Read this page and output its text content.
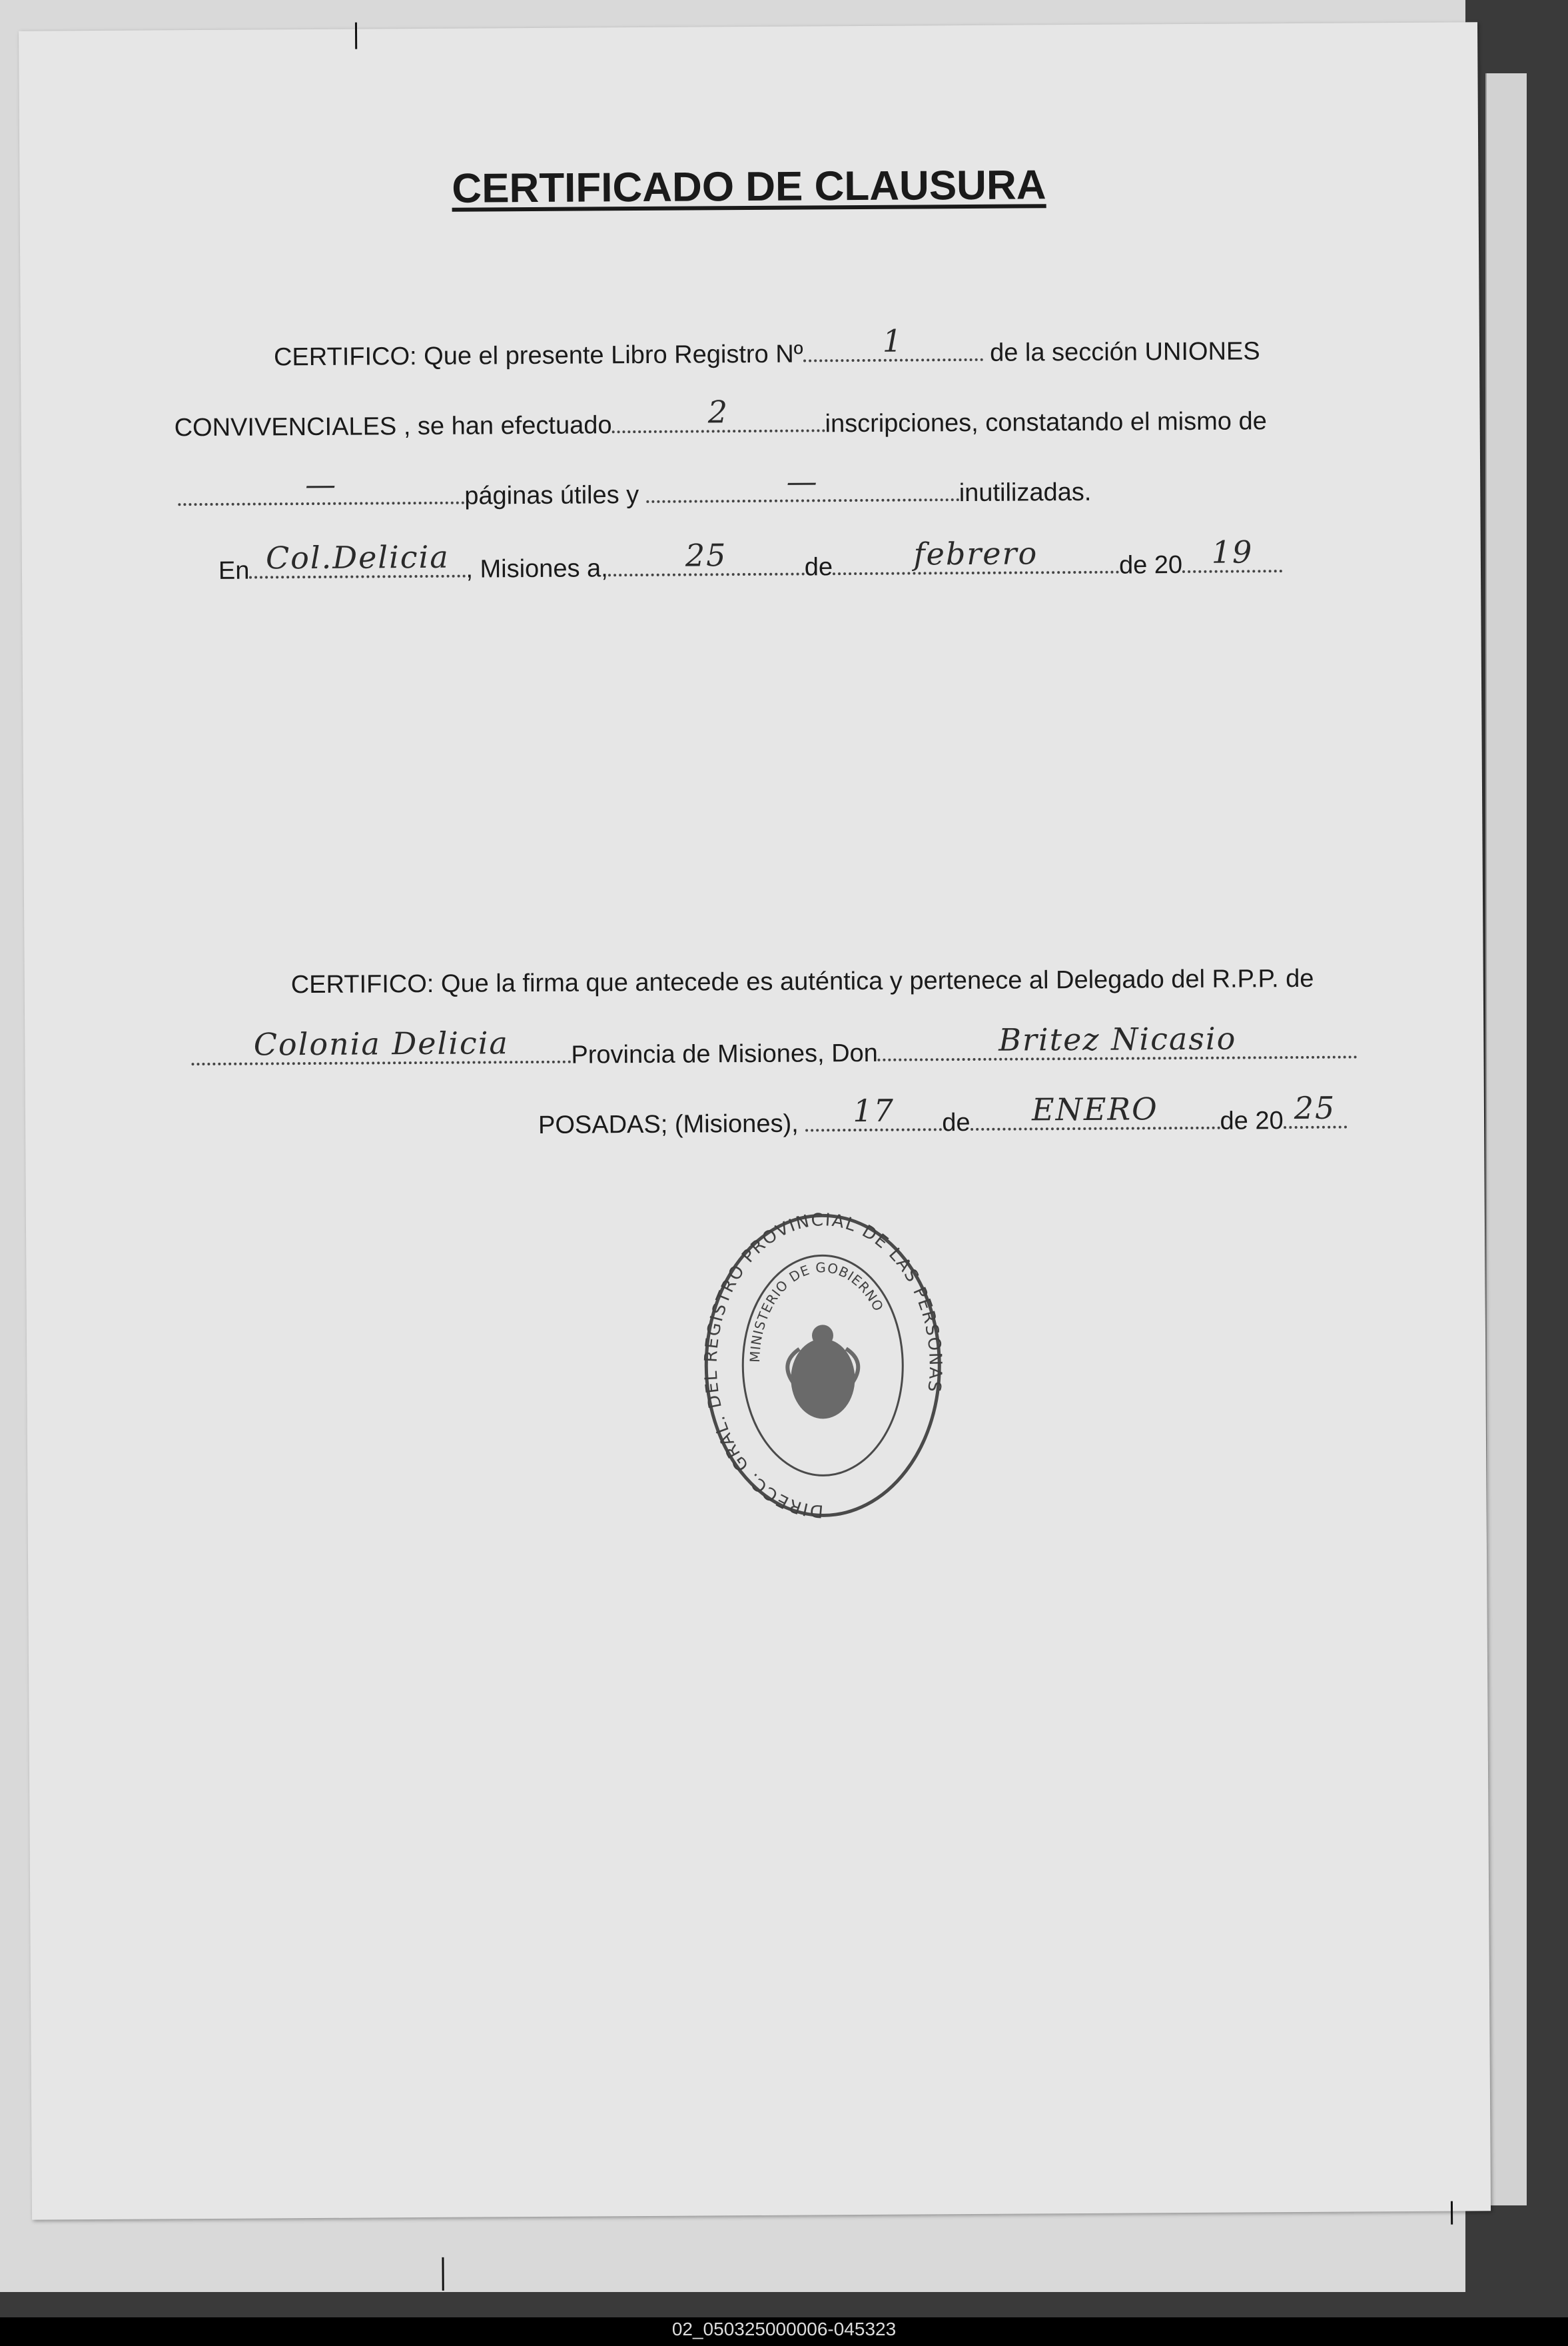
CERTIFICADO DE CLAUSURA
CERTIFICO: Que el presente Libro Registro Nº	1	de la sección UNIONES
CONVIVENCIALES , se han efectuado	2	inscripciones, constatando el mismo de
—	páginas útiles y	—	inutilizadas.
En Col.Delicia , Misiones a,	25	de	febrero	de 20 19
CERTIFICO: Que la firma que antecede es auténtica y pertenece al Delegado del R.P.P. de
Colonia Delicia	Provincia de Misiones, Don	Britez Nicasio
POSADAS; (Misiones),	17	de	ENERO	de 20 25
DIRECC. GRAL. DEL REGISTRO PROVINCIAL DE LAS PERSONAS
MINISTERIO DE GOBIERNO
02_050325000006-045323
